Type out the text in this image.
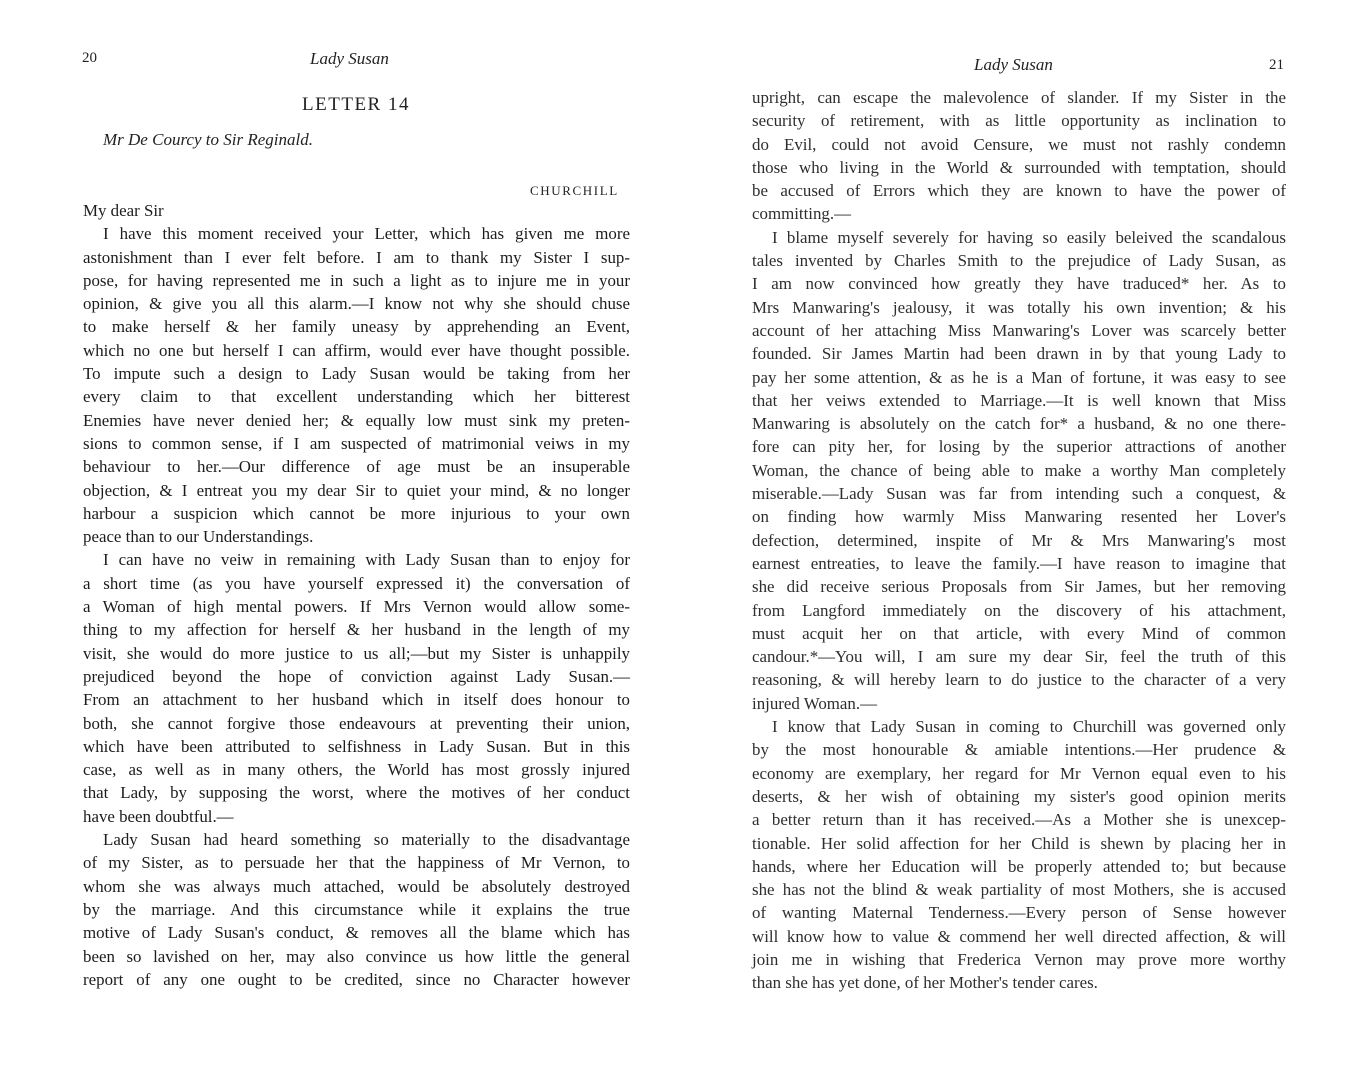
20	Lady Susan
LETTER 14
Mr De Courcy to Sir Reginald.
CHURCHILL
My dear Sir
I have this moment received your Letter, which has given me more
astonishment than I ever felt before. I am to thank my Sister I sup-
pose, for having represented me in such a light as to injure me in your
opinion, & give you all this alarm.—I know not why she should chuse
to make herself & her family uneasy by apprehending an Event,
which no one but herself I can affirm, would ever have thought possible.
To impute such a design to Lady Susan would be taking from her
every claim to that excellent understanding which her bitterest
Enemies have never denied her; & equally low must sink my preten-
sions to common sense, if I am suspected of matrimonial veiws in my
behaviour to her.—Our difference of age must be an insuperable
objection, & I entreat you my dear Sir to quiet your mind, & no longer
harbour a suspicion which cannot be more injurious to your own
peace than to our Understandings.
I can have no veiw in remaining with Lady Susan than to enjoy for
a short time (as you have yourself expressed it) the conversation of
a Woman of high mental powers. If Mrs Vernon would allow some-
thing to my affection for herself & her husband in the length of my
visit, she would do more justice to us all;—but my Sister is unhappily
prejudiced beyond the hope of conviction against Lady Susan.—
From an attachment to her husband which in itself does honour to
both, she cannot forgive those endeavours at preventing their union,
which have been attributed to selfishness in Lady Susan. But in this
case, as well as in many others, the World has most grossly injured
that Lady, by supposing the worst, where the motives of her conduct
have been doubtful.—
Lady Susan had heard something so materially to the disadvantage
of my Sister, as to persuade her that the happiness of Mr Vernon, to
whom she was always much attached, would be absolutely destroyed
by the marriage. And this circumstance while it explains the true
motive of Lady Susan's conduct, & removes all the blame which has
been so lavished on her, may also convince us how little the general
report of any one ought to be credited, since no Character however
Lady Susan	21
upright, can escape the malevolence of slander. If my Sister in the
security of retirement, with as little opportunity as inclination to
do Evil, could not avoid Censure, we must not rashly condemn
those who living in the World & surrounded with temptation, should
be accused of Errors which they are known to have the power of
committing.—
I blame myself severely for having so easily beleived the scandalous
tales invented by Charles Smith to the prejudice of Lady Susan, as
I am now convinced how greatly they have traduced* her. As to
Mrs Manwaring's jealousy, it was totally his own invention; & his
account of her attaching Miss Manwaring's Lover was scarcely better
founded. Sir James Martin had been drawn in by that young Lady to
pay her some attention, & as he is a Man of fortune, it was easy to see
that her veiws extended to Marriage.—It is well known that Miss
Manwaring is absolutely on the catch for* a husband, & no one there-
fore can pity her, for losing by the superior attractions of another
Woman, the chance of being able to make a worthy Man completely
miserable.—Lady Susan was far from intending such a conquest, &
on finding how warmly Miss Manwaring resented her Lover's
defection, determined, inspite of Mr & Mrs Manwaring's most
earnest entreaties, to leave the family.—I have reason to imagine that
she did receive serious Proposals from Sir James, but her removing
from Langford immediately on the discovery of his attachment,
must acquit her on that article, with every Mind of common
candour.*—You will, I am sure my dear Sir, feel the truth of this
reasoning, & will hereby learn to do justice to the character of a very
injured Woman.—
I know that Lady Susan in coming to Churchill was governed only
by the most honourable & amiable intentions.—Her prudence &
economy are exemplary, her regard for Mr Vernon equal even to his
deserts, & her wish of obtaining my sister's good opinion merits
a better return than it has received.—As a Mother she is unexcep-
tionable. Her solid affection for her Child is shewn by placing her in
hands, where her Education will be properly attended to; but because
she has not the blind & weak partiality of most Mothers, she is accused
of wanting Maternal Tenderness.—Every person of Sense however
will know how to value & commend her well directed affection, & will
join me in wishing that Frederica Vernon may prove more worthy
than she has yet done, of her Mother's tender cares.
